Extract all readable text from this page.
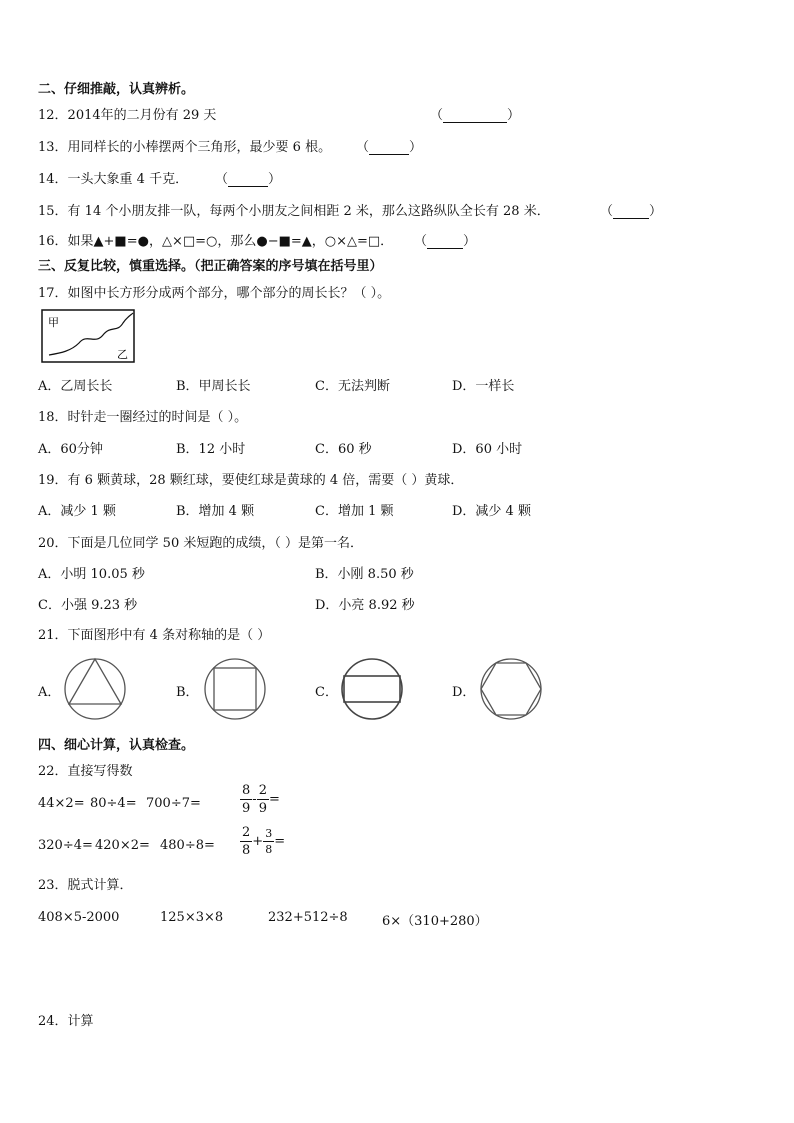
二、仔细推敲，认真辨析。
12．2014年的二月份有 29 天	（	）
13．用同样长的小棒摆两个三角形，最少要 6 根。 （	）
14．一头大象重 4 千克． （	）
15．有 14 个小朋友排一队，每两个小朋友之间相距 2 米，那么这路纵队全长有 28 米．	（	）
16．如果▲+■=●，△×□=○，那么●−■=▲，○×△=□． （	）
三、反复比较，慎重选择。（把正确答案的序号填在括号里）
17．如图中长方形分成两个部分，哪个部分的周长长？（ ）。
甲
乙
A．乙周长长	B．甲周长长	C．无法判断	D．一样长
18．时针走一圈经过的时间是（ ）。
A．60分钟	B．12 小时	C．60 秒	D．60 小时
19．有 6 颗黄球，28 颗红球，要使红球是黄球的 4 倍，需要（ ）黄球．
A．减少 1 颗	B．增加 4 颗	C．增加 1 颗	D．减少 4 颗
20．下面是几位同学 50 米短跑的成绩，（ ）是第一名．
A．小明 10.05 秒	B．小刚 8.50 秒
C．小强 9.23 秒	D．小亮 8.92 秒
21．下面图形中有 4 条对称轴的是（ ）
A．	B．	C．	D．
四、细心计算，认真检查。
22．直接写得数
44×2= 80÷4= 700÷7=	$\frac{8}{9} - \frac{2}{9}$ =
$320\div 4= 420\times 2= 480\div 8= \frac{2}{8} + \frac{3}{8}$ =
23．脱式计算．
408×5-2000	125×3×8	232+512÷8	6×（310+280）
24．计算
